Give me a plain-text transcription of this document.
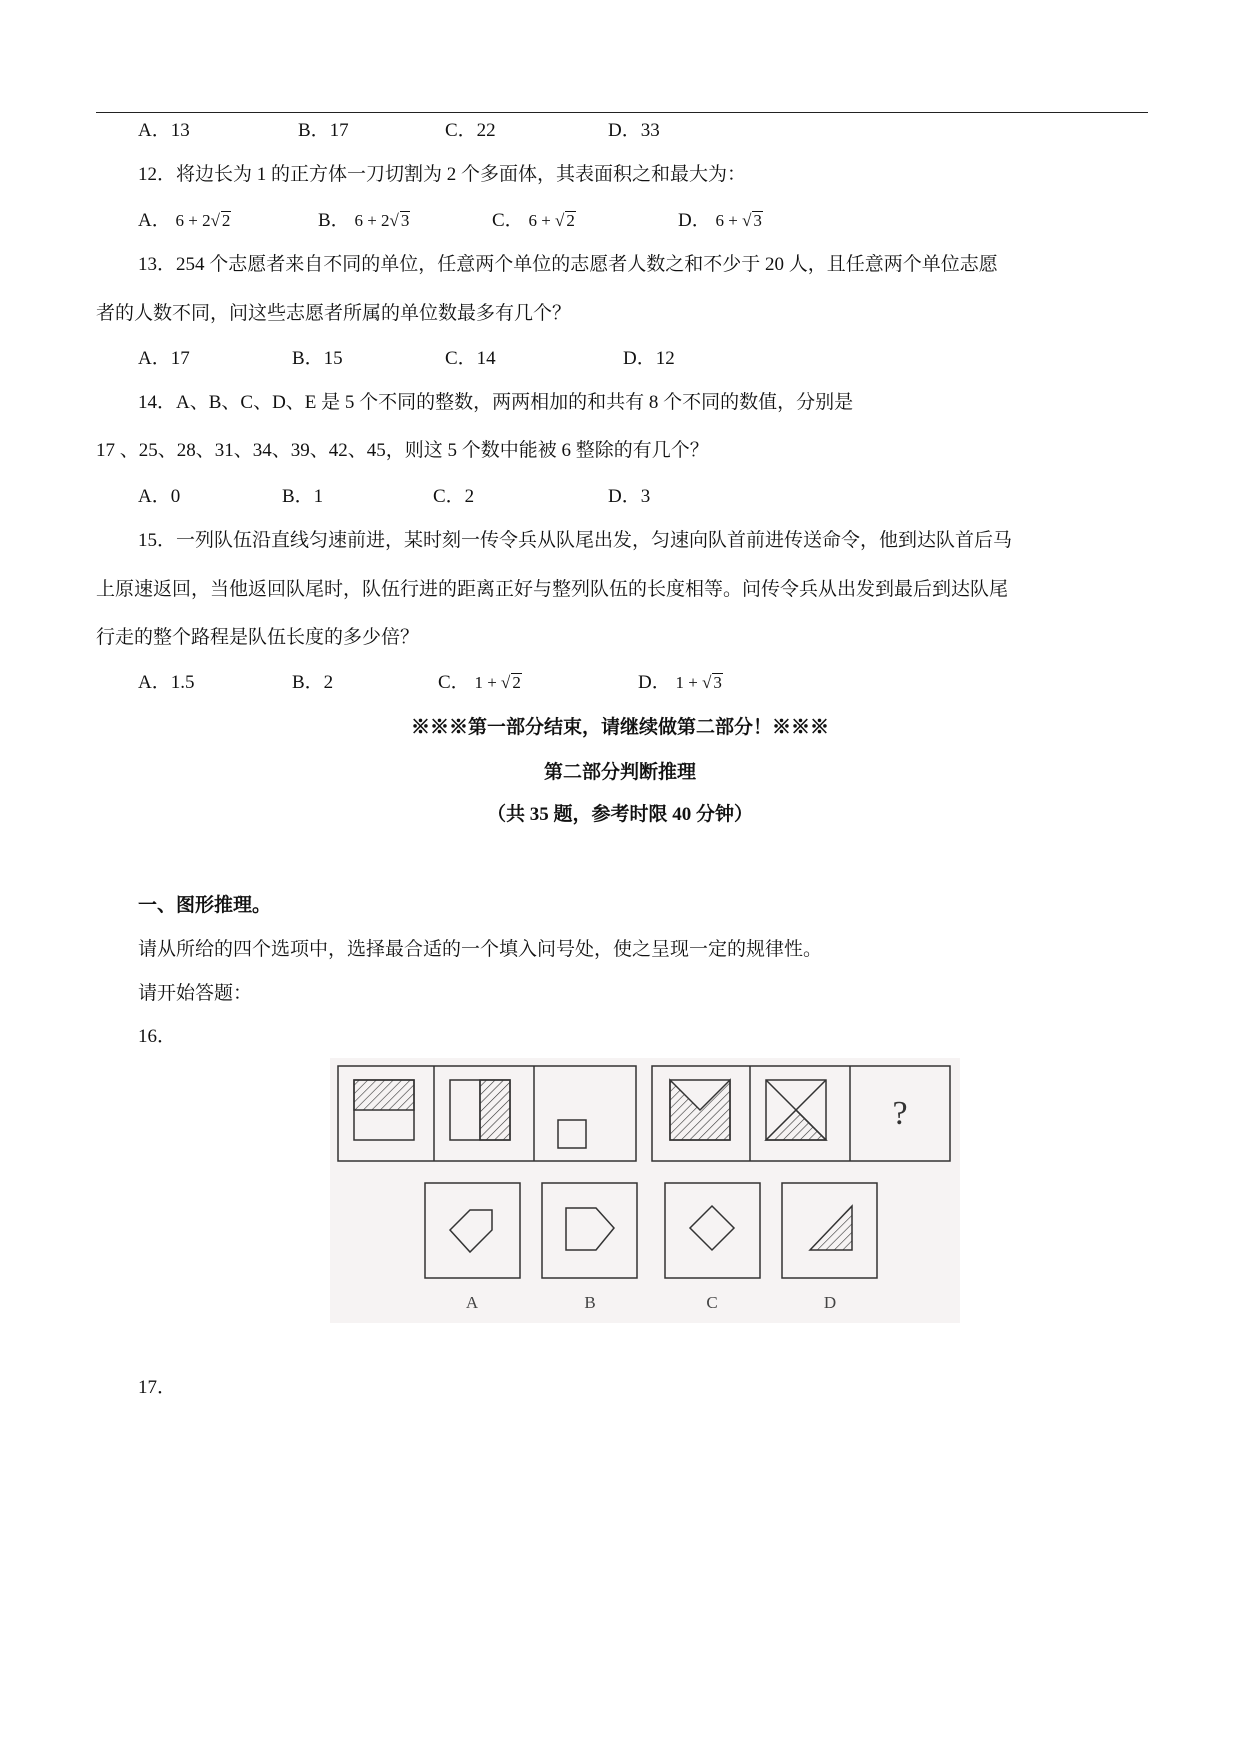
A．13	B．17	C．22	D．33
12．将边长为 1 的正方体一刀切割为 2 个多面体，其表面积之和最大为：
A． 6 + 2√ 2	B． 6 + 2√ 3	C． 6 + √ 2	D． 6 + √ 3
13．254 个志愿者来自不同的单位，任意两个单位的志愿者人数之和不少于 20 人，且任意两个单位志愿
者的人数不同，问这些志愿者所属的单位数最多有几个？
A．17	B．15	C．14	D．12
14．A、B、C、D、E 是 5 个不同的整数，两两相加的和共有 8 个不同的数值，分别是
17 、25、28、31、34、39、42、45，则这 5 个数中能被 6 整除的有几个？
A．0	B．1	C．2	D．3
15．一列队伍沿直线匀速前进，某时刻一传令兵从队尾出发，匀速向队首前进传送命令，他到达队首后马
上原速返回，当他返回队尾时，队伍行进的距离正好与整列队伍的长度相等。问传令兵从出发到最后到达队尾
行走的整个路程是队伍长度的多少倍？
A．1.5	B．2	C． 1 + √ 2	D． 1 + √ 3
※※※第一部分结束，请继续做第二部分！※※※
第二部分判断推理
（共 35 题，参考时限 40 分钟）
一、图形推理。
请从所给的四个选项中，选择最合适的一个填入问号处，使之呈现一定的规律性。
请开始答题：
16．
?
A	B	C	D
17．
